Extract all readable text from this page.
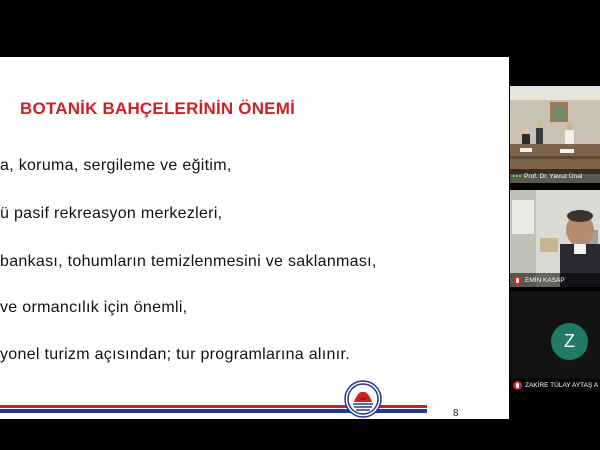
BOTANİK BAHÇELERİNİN ÖNEMİ
a, koruma, sergileme ve eğitim,
ü pasif rekreasyon merkezleri,
bankası, tohumların temizlenmesini ve saklanması,
ve ormancılık için önemli,
yonel turizm açısından; tur programlarına alınır.
8
Prof. Dr. Yavuz Ünal
EMİN KASAP
Z
ZAKİRE TÜLAY AYTAŞ A
